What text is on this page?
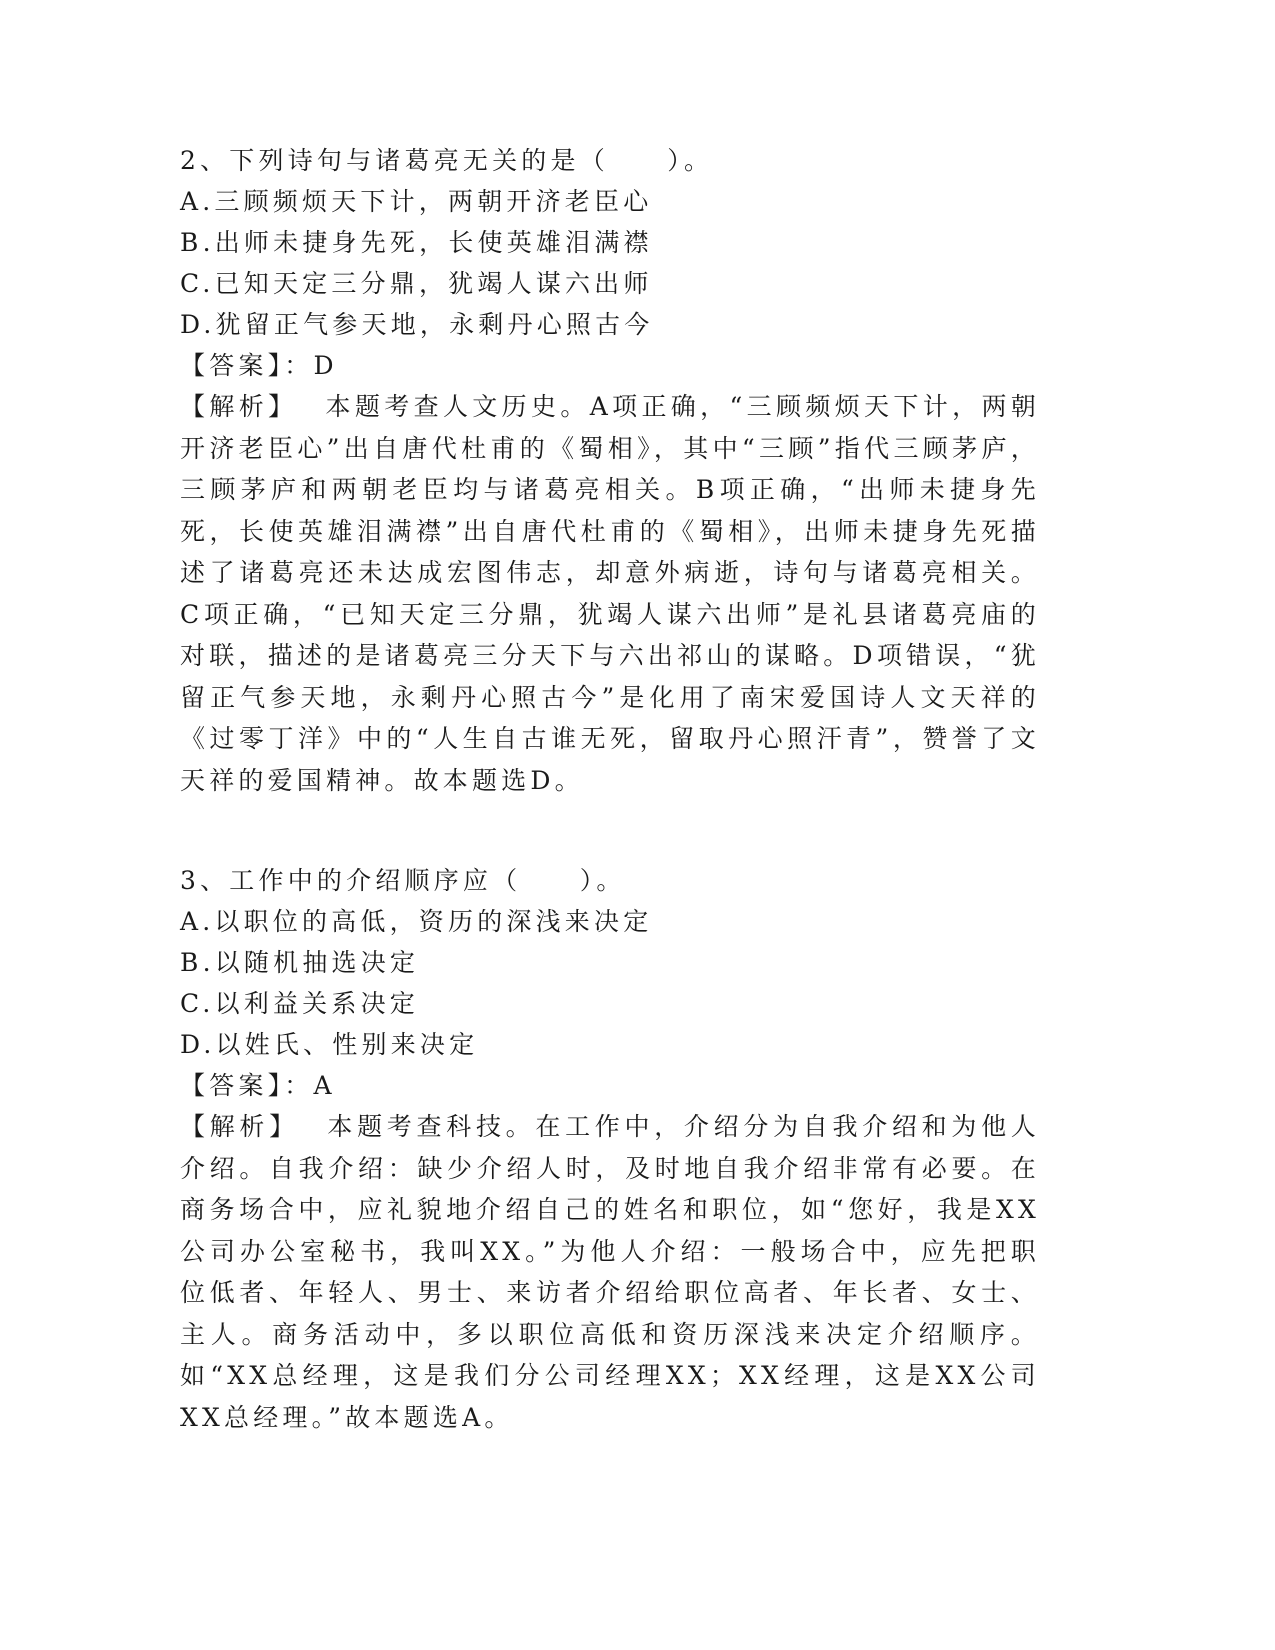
2、下列诗句与诸葛亮无关的是（　　）。
A.三顾频烦天下计，两朝开济老臣心
B.出师未捷身先死，长使英雄泪满襟
C.已知天定三分鼎，犹竭人谋六出师
D.犹留正气参天地，永剩丹心照古今
【答案】：D
【解析】 本题考查人文历史。A项正确，“三顾频烦天下计，两朝开济老臣心”出自唐代杜甫的《蜀相》，其中“三顾”指代三顾茅庐，三顾茅庐和两朝老臣均与诸葛亮相关。B项正确，“出师未捷身先死，长使英雄泪满襟”出自唐代杜甫的《蜀相》，出师未捷身先死描述了诸葛亮还未达成宏图伟志，却意外病逝，诗句与诸葛亮相关。C项正确，“已知天定三分鼎，犹竭人谋六出师”是礼县诸葛亮庙的对联，描述的是诸葛亮三分天下与六出祁山的谋略。D项错误，“犹留正气参天地，永剩丹心照古今”是化用了南宋爱国诗人文天祥的《过零丁洋》中的“人生自古谁无死，留取丹心照汗青”，赞誉了文天祥的爱国精神。故本题选D。
3、工作中的介绍顺序应（　　）。
A.以职位的高低，资历的深浅来决定
B.以随机抽选决定
C.以利益关系决定
D.以姓氏、性别来决定
【答案】：A
【解析】 本题考查科技。在工作中，介绍分为自我介绍和为他人介绍。自我介绍：缺少介绍人时，及时地自我介绍非常有必要。在商务场合中，应礼貌地介绍自己的姓名和职位，如“您好，我是XX公司办公室秘书，我叫XX。”为他人介绍：一般场合中，应先把职位低者、年轻人、男士、来访者介绍给职位高者、年长者、女士、主人。商务活动中，多以职位高低和资历深浅来决定介绍顺序。如“XX总经理，这是我们分公司经理XX；XX经理，这是XX公司XX总经理。”故本题选A。
